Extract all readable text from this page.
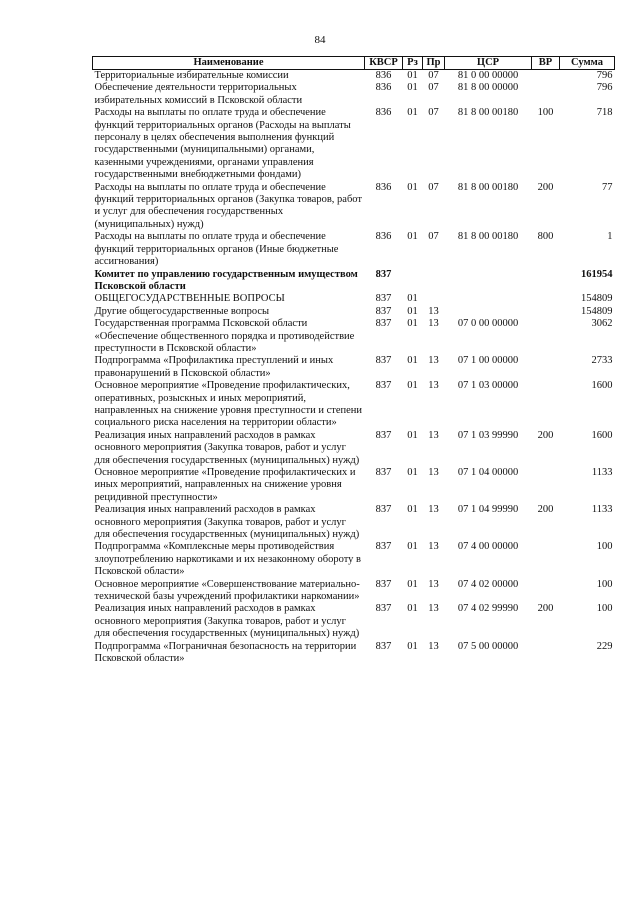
84
Наименование	КВСР	Рз	Пр	ЦСР	ВР	Сумма
Территориальные избирательные комиссии	836	01	07	81 0 00 00000		796
Обеспечение деятельности территориальных избирательных комиссий в Псковской области	836	01	07	81 8 00 00000		796
Расходы на выплаты по оплате труда и обеспечение функций территориальных органов (Расходы на выплаты персоналу в целях обеспечения выполнения функций государственными (муниципальными) органами, казенными учреждениями, органами управления государственными внебюджетными фондами)	836	01	07	81 8 00 00180	100	718
Расходы на выплаты по оплате труда и обеспечение функций территориальных органов (Закупка товаров, работ и услуг для обеспечения государственных (муниципальных) нужд)	836	01	07	81 8 00 00180	200	77
Расходы на выплаты по оплате труда и обеспечение функций территориальных органов (Иные бюджетные ассигнования)	836	01	07	81 8 00 00180	800	1
Комитет по управлению государственным имуществом Псковской области	837					161954
ОБЩЕГОСУДАРСТВЕННЫЕ ВОПРОСЫ	837	01				154809
Другие общегосударственные вопросы	837	01	13			154809
Государственная программа Псковской области «Обеспечение общественного порядка и противодействие преступности в Псковской области»	837	01	13	07 0 00 00000		3062
Подпрограмма «Профилактика преступлений и иных правонарушений в Псковской области»	837	01	13	07 1 00 00000		2733
Основное мероприятие «Проведение профилактических, оперативных, розыскных и иных мероприятий, направленных на снижение уровня преступности и степени социального риска населения на территории области»	837	01	13	07 1 03 00000		1600
Реализация иных направлений расходов в рамках основного мероприятия (Закупка товаров, работ и услуг для обеспечения государственных (муниципальных) нужд)	837	01	13	07 1 03 99990	200	1600
Основное мероприятие «Проведение профилактических и иных мероприятий, направленных на снижение уровня рецидивной преступности»	837	01	13	07 1 04 00000		1133
Реализация иных направлений расходов в рамках основного мероприятия (Закупка товаров, работ и услуг для обеспечения государственных (муниципальных) нужд)	837	01	13	07 1 04 99990	200	1133
Подпрограмма «Комплексные меры противодействия злоупотреблению наркотиками и их незаконному обороту в Псковской области»	837	01	13	07 4 00 00000		100
Основное мероприятие «Совершенствование материально-технической базы учреждений профилактики наркомании»	837	01	13	07 4 02 00000		100
Реализация иных направлений расходов в рамках основного мероприятия (Закупка товаров, работ и услуг для обеспечения государственных (муниципальных) нужд)	837	01	13	07 4 02 99990	200	100
Подпрограмма «Пограничная безопасность на территории Псковской области»	837	01	13	07 5 00 00000		229
